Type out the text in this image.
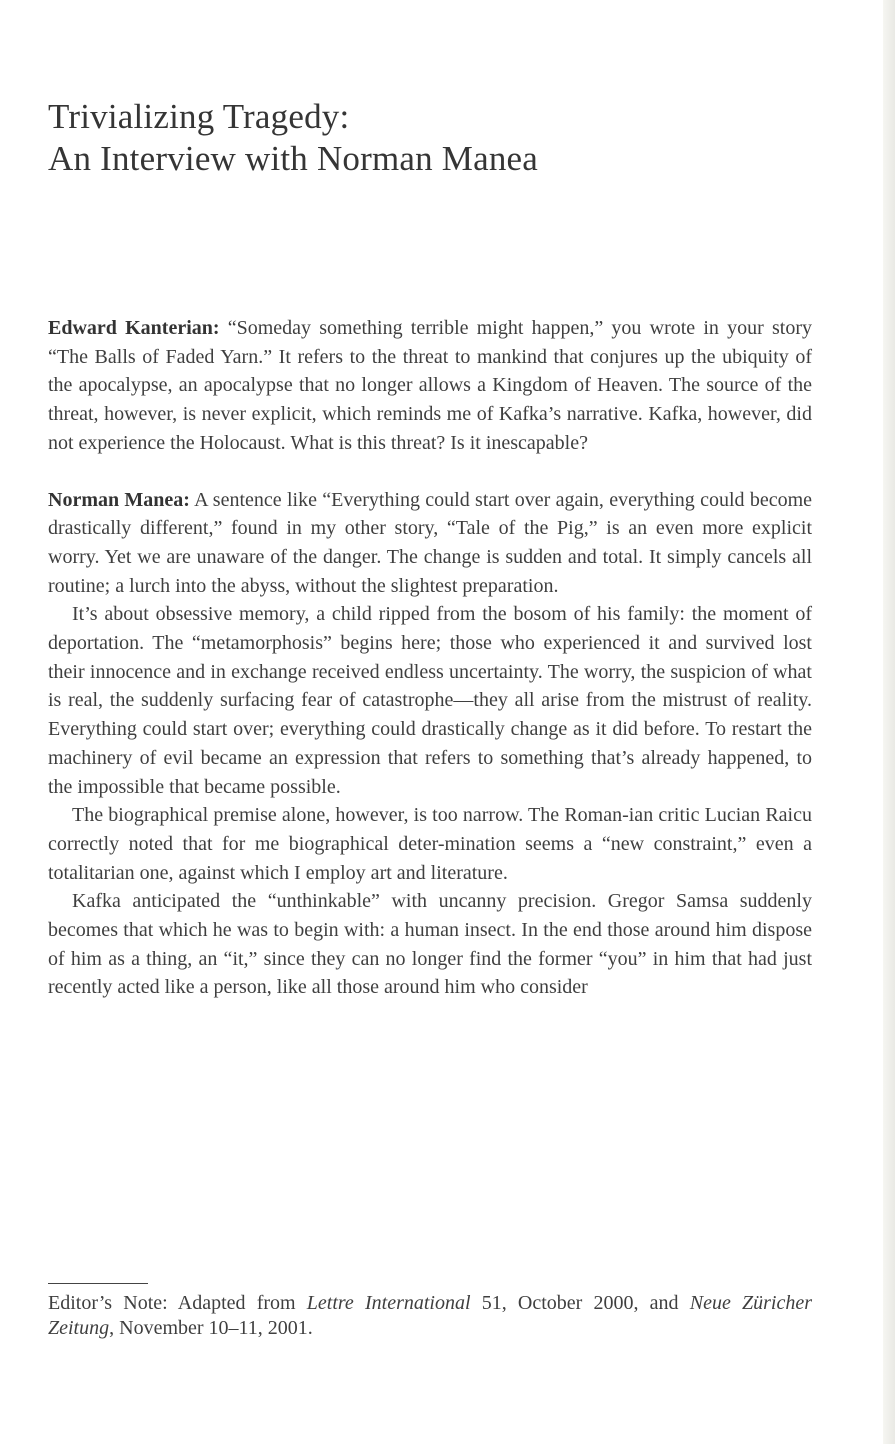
Trivializing Tragedy:
An Interview with Norman Manea

Edward Kanterian: “Someday something terrible might happen,” you wrote in your story “The Balls of Faded Yarn.” It refers to the threat to mankind that conjures up the ubiquity of the apocalypse, an apocalypse that no longer allows a Kingdom of Heaven. The source of the threat, however, is never explicit, which reminds me of Kafka’s narrative. Kafka, however, did not experience the Holocaust. What is this threat? Is it inescapable?

Norman Manea: A sentence like “Everything could start over again, everything could become drastically different,” found in my other story, “Tale of the Pig,” is an even more explicit worry. Yet we are unaware of the danger. The change is sudden and total. It simply cancels all routine; a lurch into the abyss, without the slightest preparation.

It’s about obsessive memory, a child ripped from the bosom of his family: the moment of deportation. The “metamorphosis” begins here; those who experienced it and survived lost their innocence and in exchange received endless uncertainty. The worry, the suspicion of what is real, the suddenly surfacing fear of catastrophe—they all arise from the mistrust of reality. Everything could start over; everything could drastically change as it did before. To restart the machinery of evil became an expression that refers to something that’s already happened, to the impossible that became possible.

The biographical premise alone, however, is too narrow. The Roman-ian critic Lucian Raicu correctly noted that for me biographical deter-mination seems a “new constraint,” even a totalitarian one, against which I employ art and literature.

Kafka anticipated the “unthinkable” with uncanny precision. Gregor Samsa suddenly becomes that which he was to begin with: a human insect. In the end those around him dispose of him as a thing, an “it,” since they can no longer find the former “you” in him that had just recently acted like a person, like all those around him who consider

Editor’s Note: Adapted from Lettre International 51, October 2000, and Neue Züricher Zeitung, November 10–11, 2001.
